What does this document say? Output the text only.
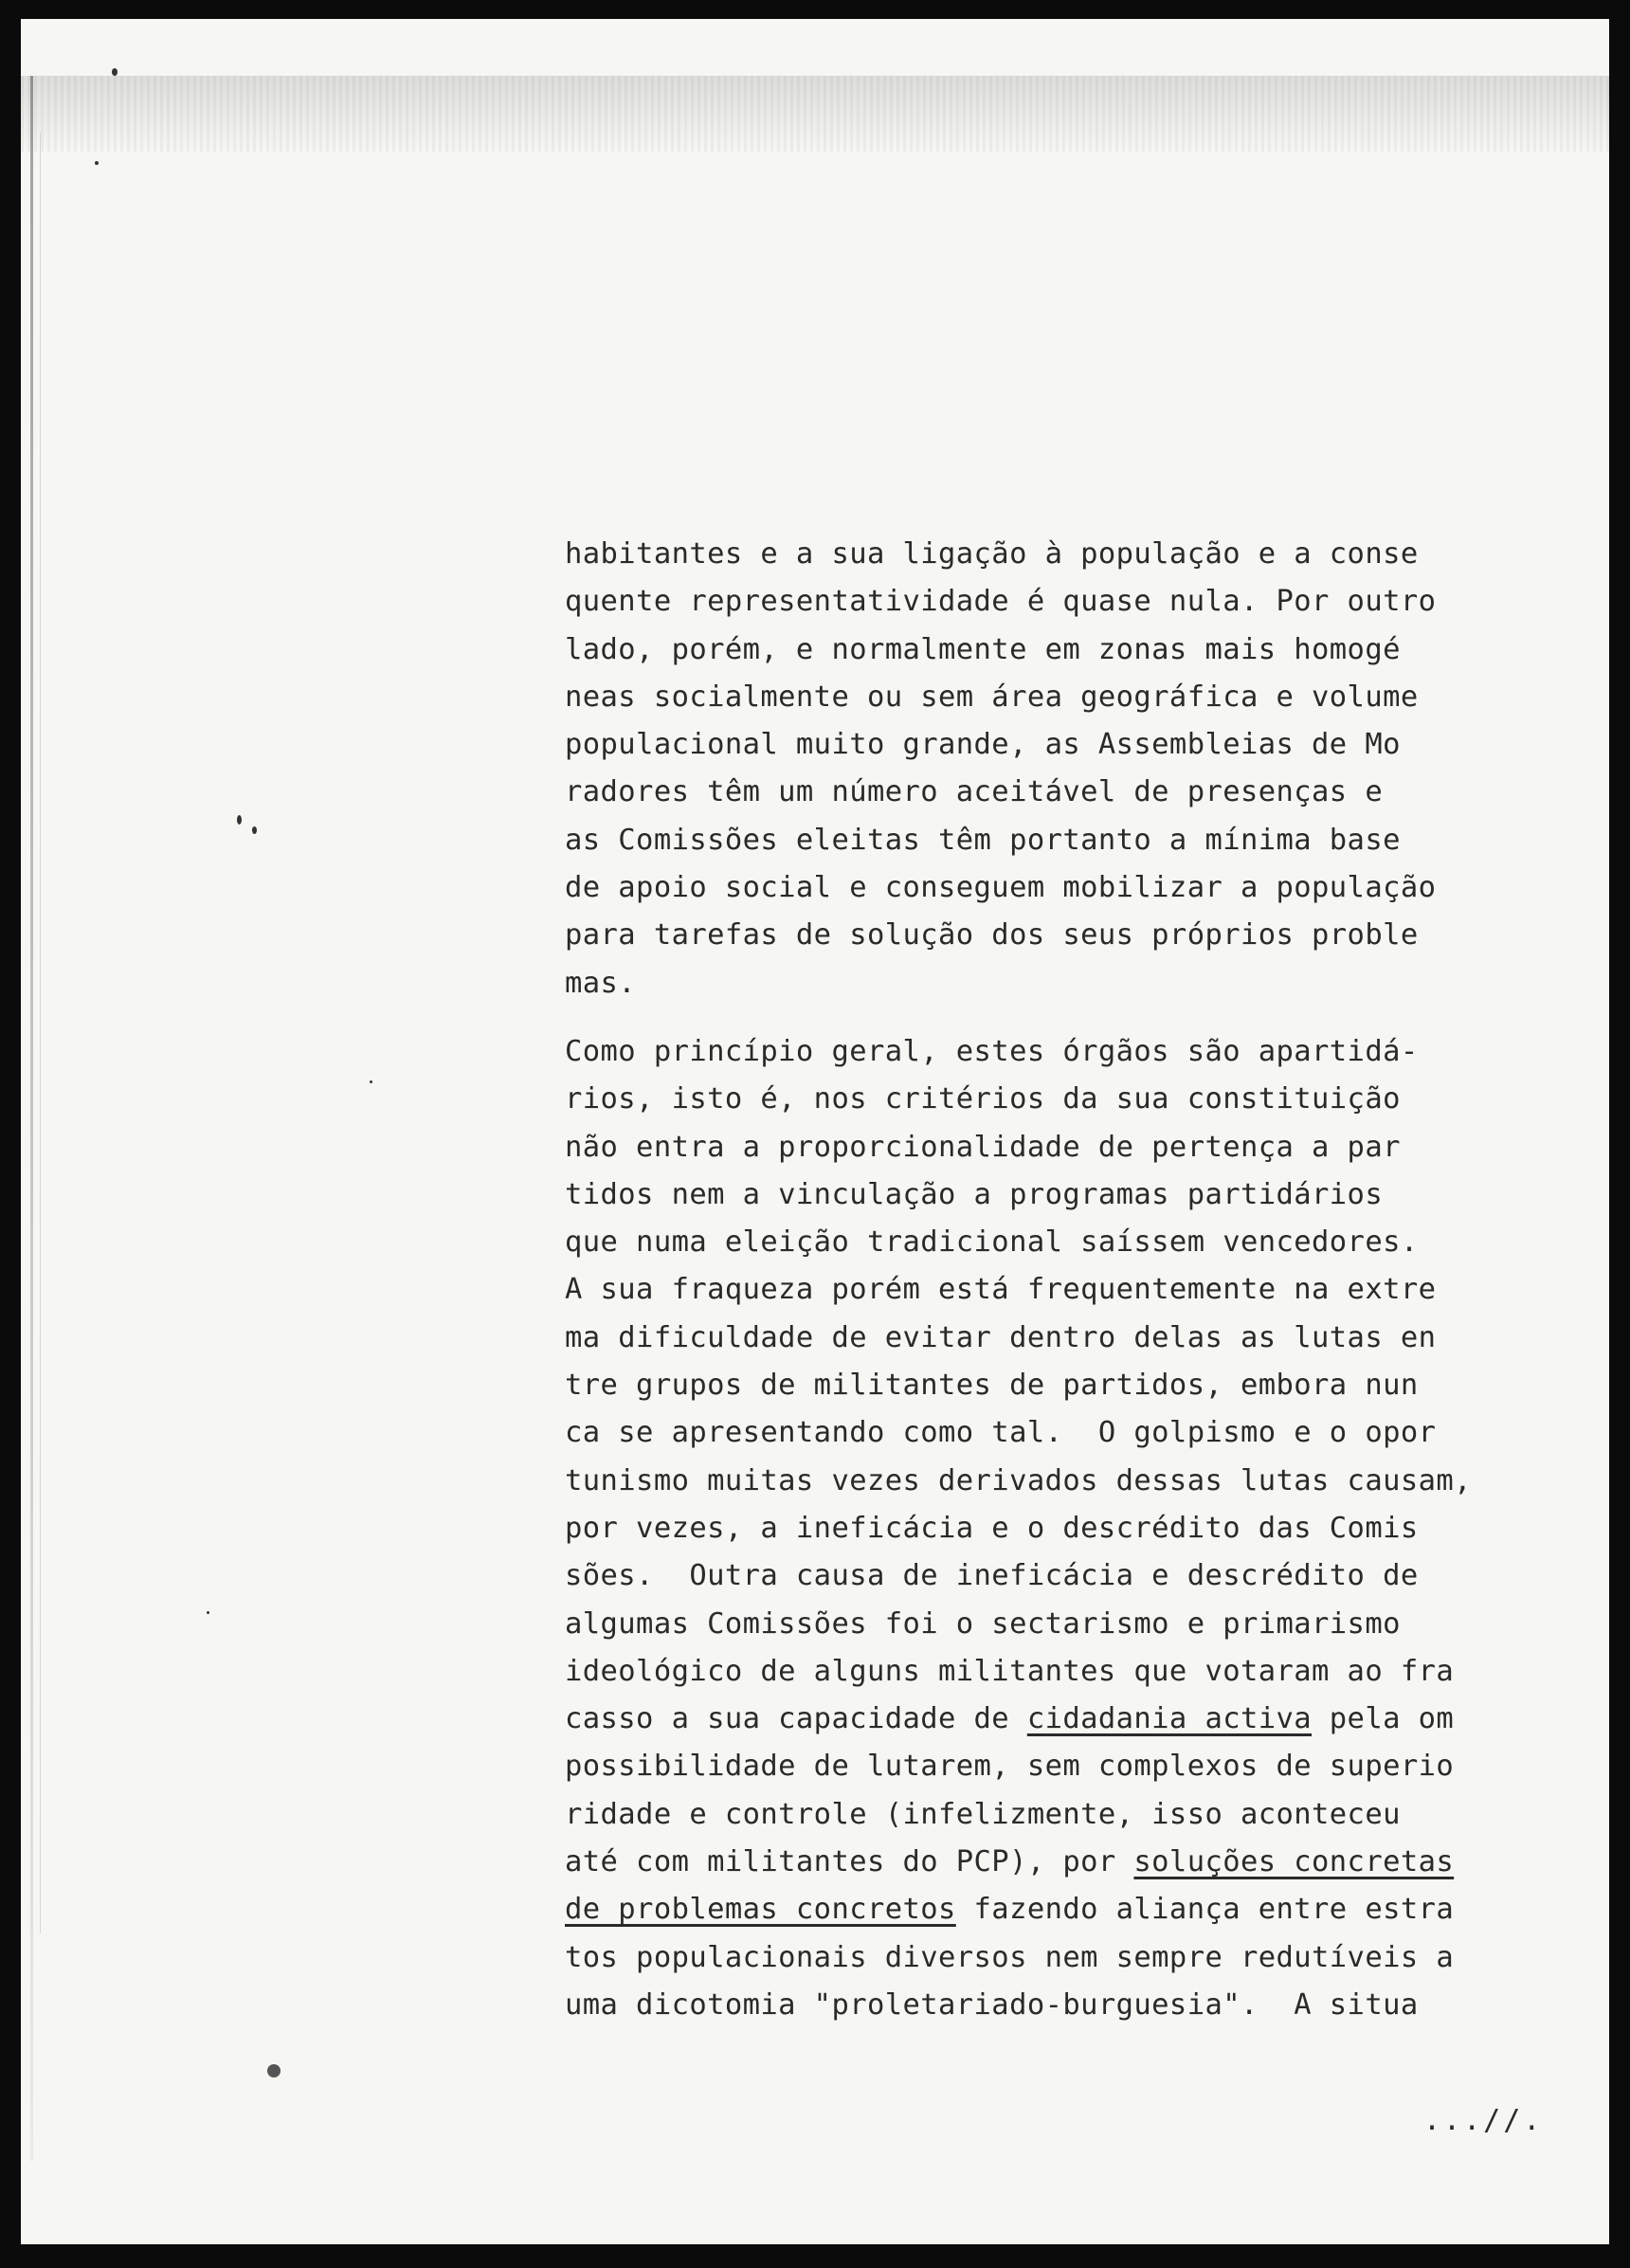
habitantes e a sua ligação à população e a conse
quente representatividade é quase nula. Por outro
lado, porém, e normalmente em zonas mais homogé
neas socialmente ou sem área geográfica e volume
populacional muito grande, as Assembleias de Mo
radores têm um número aceitável de presenças e
as Comissões eleitas têm portanto a mínima base
de apoio social e conseguem mobilizar a população
para tarefas de solução dos seus próprios proble
mas.
Como princípio geral, estes órgãos são apartidá-
rios, isto é, nos critérios da sua constituição
não entra a proporcionalidade de pertença a par
tidos nem a vinculação a programas partidários
que numa eleição tradicional saíssem vencedores.
A sua fraqueza porém está frequentemente na extre
ma dificuldade de evitar dentro delas as lutas en
tre grupos de militantes de partidos, embora nun
ca se apresentando como tal.  O golpismo e o opor
tunismo muitas vezes derivados dessas lutas causam,
por vezes, a ineficácia e o descrédito das Comis
sões.  Outra causa de ineficácia e descrédito de
algumas Comissões foi o sectarismo e primarismo
ideológico de alguns militantes que votaram ao fra
casso a sua capacidade de cidadania activa pela om
possibilidade de lutarem, sem complexos de superio
ridade e controle (infelizmente, isso aconteceu
até com militantes do PCP), por soluções concretas
de problemas concretos fazendo aliança entre estra
tos populacionais diversos nem sempre redutíveis a
uma dicotomia "proletariado-burguesia".  A situa
...//.
